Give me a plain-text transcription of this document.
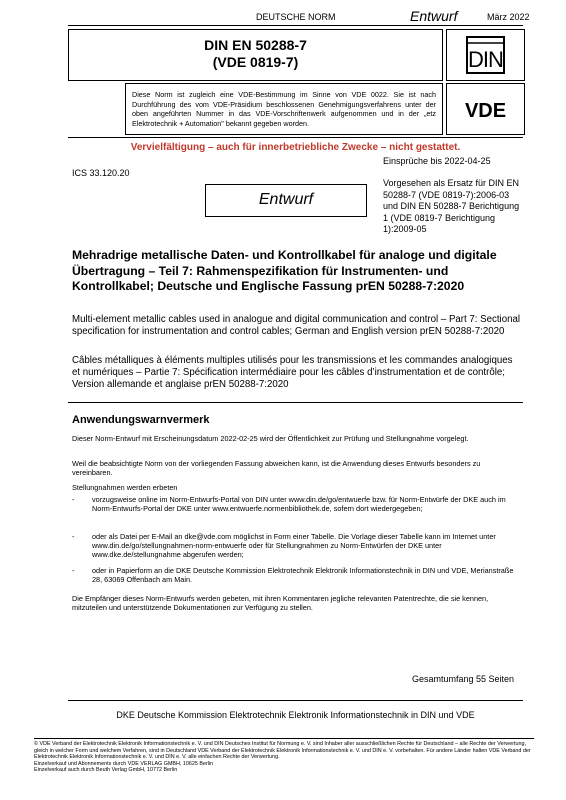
DEUTSCHE NORM	Entwurf	März 2022
DIN EN 50288-7
(VDE 0819-7)	DIN
Diese Norm ist zugleich eine VDE-Bestimmung im Sinne von VDE 0022. Sie ist nach Durchführung des vom VDE-Präsidium beschlossenen Genehmigungsverfahrens unter der oben angeführten Nummer in das VDE-Vorschriftenwerk aufgenommen und in der „etz Elektrotechnik + Automation" bekannt gegeben worden.
VDE
Vervielfältigung – auch für innerbetriebliche Zwecke – nicht gestattet.
Einsprüche bis 2022-04-25
ICS 33.120.20
Entwurf
Vorgesehen als Ersatz für DIN EN 50288-7 (VDE 0819-7):2006-03 und DIN EN 50288-7 Berichtigung 1 (VDE 0819-7 Berichtigung 1):2009-05
Mehradrige metallische Daten- und Kontrollkabel für analoge und digitale Übertragung – Teil 7: Rahmenspezifikation für Instrumenten- und Kontrollkabel; Deutsche und Englische Fassung prEN 50288-7:2020
Multi-element metallic cables used in analogue and digital communication and control – Part 7: Sectional specification for instrumentation and control cables; German and English version prEN 50288-7:2020
Câbles métalliques à éléments multiples utilisés pour les transmissions et les commandes analogiques et numériques – Partie 7: Spécification intermédiaire pour les câbles d’instrumentation et de contrôle; Version allemande et anglaise prEN 50288-7:2020
Anwendungswarnvermerk
Dieser Norm-Entwurf mit Erscheinungsdatum 2022-02-25 wird der Öffentlichkeit zur Prüfung und Stellungnahme vorgelegt.
Weil die beabsichtigte Norm von der vorliegenden Fassung abweichen kann, ist die Anwendung dieses Entwurfs besonders zu vereinbaren.
Stellungnahmen werden erbeten
- vorzugsweise online im Norm-Entwurfs-Portal von DIN unter www.din.de/go/entwuerfe bzw. für Norm-Entwürfe der DKE auch im Norm-Entwurfs-Portal der DKE unter www.entwuerfe.normenbibliothek.de, sofern dort wiedergegeben;
- oder als Datei per E-Mail an dke@vde.com möglichst in Form einer Tabelle. Die Vorlage dieser Tabelle kann im Internet unter www.din.de/go/stellungnahmen-norm-entwuerfe oder für Stellungnahmen zu Norm-Entwürfen der DKE unter www.dke.de/stellungnahme abgerufen werden;
- oder in Papierform an die DKE Deutsche Kommission Elektrotechnik Elektronik Informationstechnik in DIN und VDE, Merianstraße 28, 63069 Offenbach am Main.
Die Empfänger dieses Norm-Entwurfs werden gebeten, mit ihren Kommentaren jegliche relevanten Patentrechte, die sie kennen, mitzuteilen und unterstützende Dokumentationen zur Verfügung zu stellen.
Gesamtumfang 55 Seiten
DKE Deutsche Kommission Elektrotechnik Elektronik Informationstechnik in DIN und VDE
© VDE Verband der Elektrotechnik Elektronik Informationstechnik e. V. und DIN Deutsches Institut für Normung e. V. sind Inhaber aller ausschließlichen Rechte für Deutschland – alle Rechte der Verwertung, gleich in welcher Form und welchem Verfahren, sind in Deutschland VDE Verband der Elektrotechnik Elektronik Informationstechnik e. V. und DIN e. V. vorbehalten. Für andere Länder halten VDE Verband der Elektrotechnik Elektronik Informationstechnik e. V. und DIN e. V. alle einfachen Rechte der Verwertung.
Einzelverkauf und Abonnements durch VDE VERLAG GMBH, 10625 Berlin
Einzelverkauf auch durch Beuth Verlag GmbH, 10772 Berlin
